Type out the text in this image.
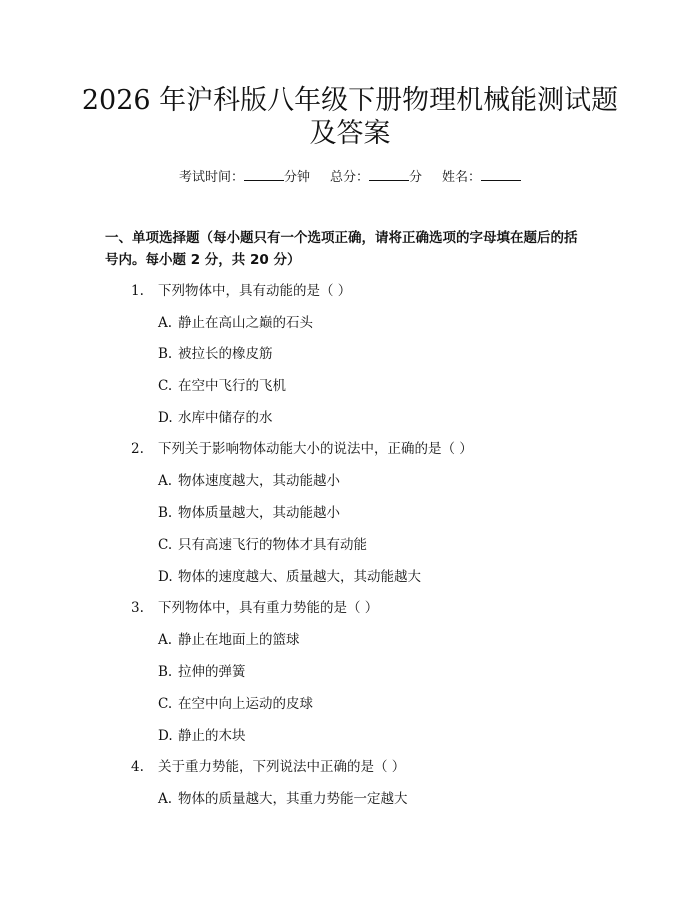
2026 年沪科版八年级下册物理机械能测试题
及答案
考试时间：	分钟 总分：	分 姓名：

一、单项选择题（每小题只有一个选项正确，请将正确选项的字母填在题后的括

号内。每小题 2 分，共 20 分）

1. 下列物体中，具有动能的是（ ）
A. 静止在高山之巅的石头
B. 被拉长的橡皮筋
C. 在空中飞行的飞机
D. 水库中储存的水
2. 下列关于影响物体动能大小的说法中，正确的是（ ）
A. 物体速度越大，其动能越小
B. 物体质量越大，其动能越小
C. 只有高速飞行的物体才具有动能
D. 物体的速度越大、质量越大，其动能越大
3. 下列物体中，具有重力势能的是（ ）
A. 静止在地面上的篮球
B. 拉伸的弹簧
C. 在空中向上运动的皮球
D. 静止的木块
4. 关于重力势能，下列说法中正确的是（ ）
A. 物体的质量越大，其重力势能一定越大
